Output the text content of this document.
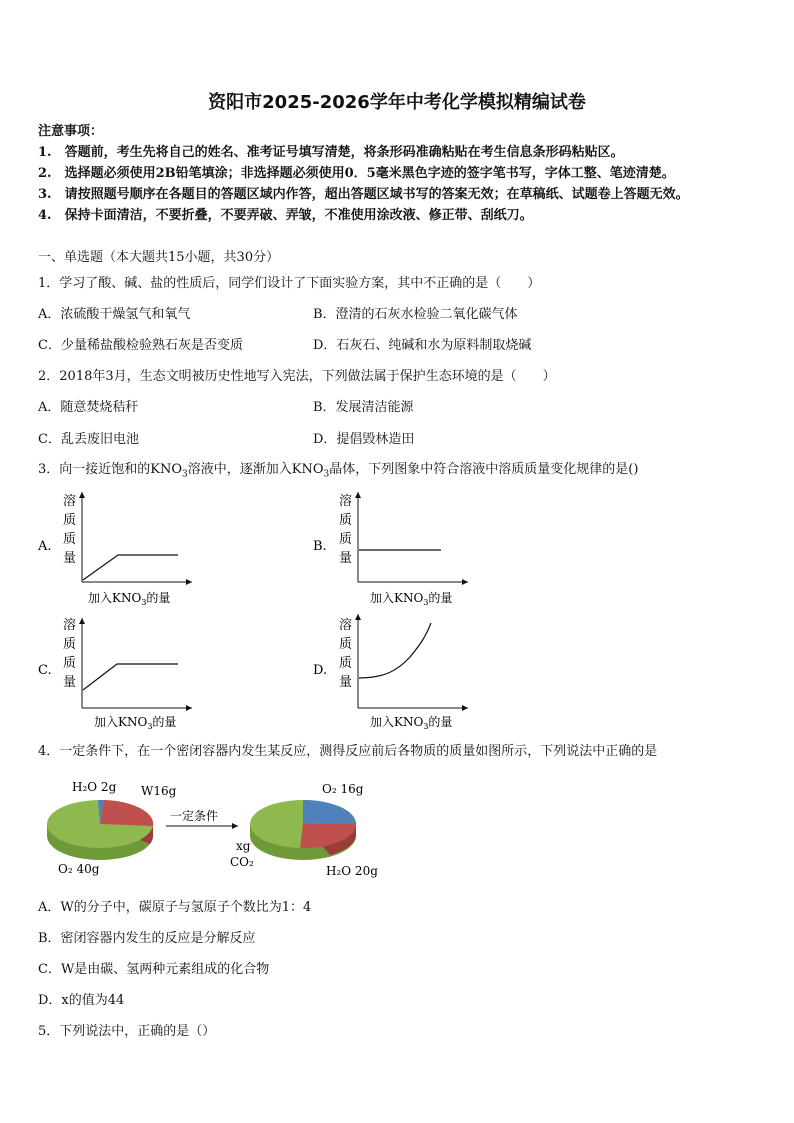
资阳市2025-2026学年中考化学模拟精编试卷
注意事项：
1.　答题前，考生先将自己的姓名、准考证号填写清楚，将条形码准确粘贴在考生信息条形码粘贴区。
2.　选择题必须使用2B铅笔填涂；非选择题必须使用0．5毫米黑色字迹的签字笔书写，字体工整、笔迹清楚。
3.　请按照题号顺序在各题目的答题区域内作答，超出答题区域书写的答案无效；在草稿纸、试题卷上答题无效。
4.　保持卡面清洁，不要折叠，不要弄破、弄皱，不准使用涂改液、修正带、刮纸刀。
一、单选题（本大题共15小题，共30分）
1．学习了酸、碱、盐的性质后，同学们设计了下面实验方案，其中不正确的是（　　）
A．浓硫酸干燥氢气和氧气	B．澄清的石灰水检验二氧化碳气体
C．少量稀盐酸检验熟石灰是否变质	D．石灰石、纯碱和水为原料制取烧碱
2．2018年3月，生态文明被历史性地写入宪法，下列做法属于保护生态环境的是（　　）
A．随意焚烧秸秆	B．发展清洁能源
C．乱丢废旧电池	D．提倡毁林造田
3．向一接近饱和的$KNO_3$溶液中，逐渐加入$KNO_3$晶体，下列图象中符合溶液中溶质质量变化规律的是()
A.
溶
质
质
量
加入$KNO_3$的量
B.
溶
质
质
量
加入$KNO_3$的量
C.
溶
质
质
量
加入$KNO_3$的量
D.
溶
质
质
量
加入$KNO_3$的量
H₂O 2g W16g
O₂ 40g
一定条件
O₂ 16g
xg
CO₂
H₂O 20g
4．一定条件下，在一个密闭容器内发生某反应，测得反应前后各物质的质量如图所示，下列说法中正确的是
A．W的分子中，碳原子与氢原子个数比为1：4
B．密闭容器内发生的反应是分解反应
C．W是由碳、氢两种元素组成的化合物
D．x的值为44
5．下列说法中，正确的是（）
